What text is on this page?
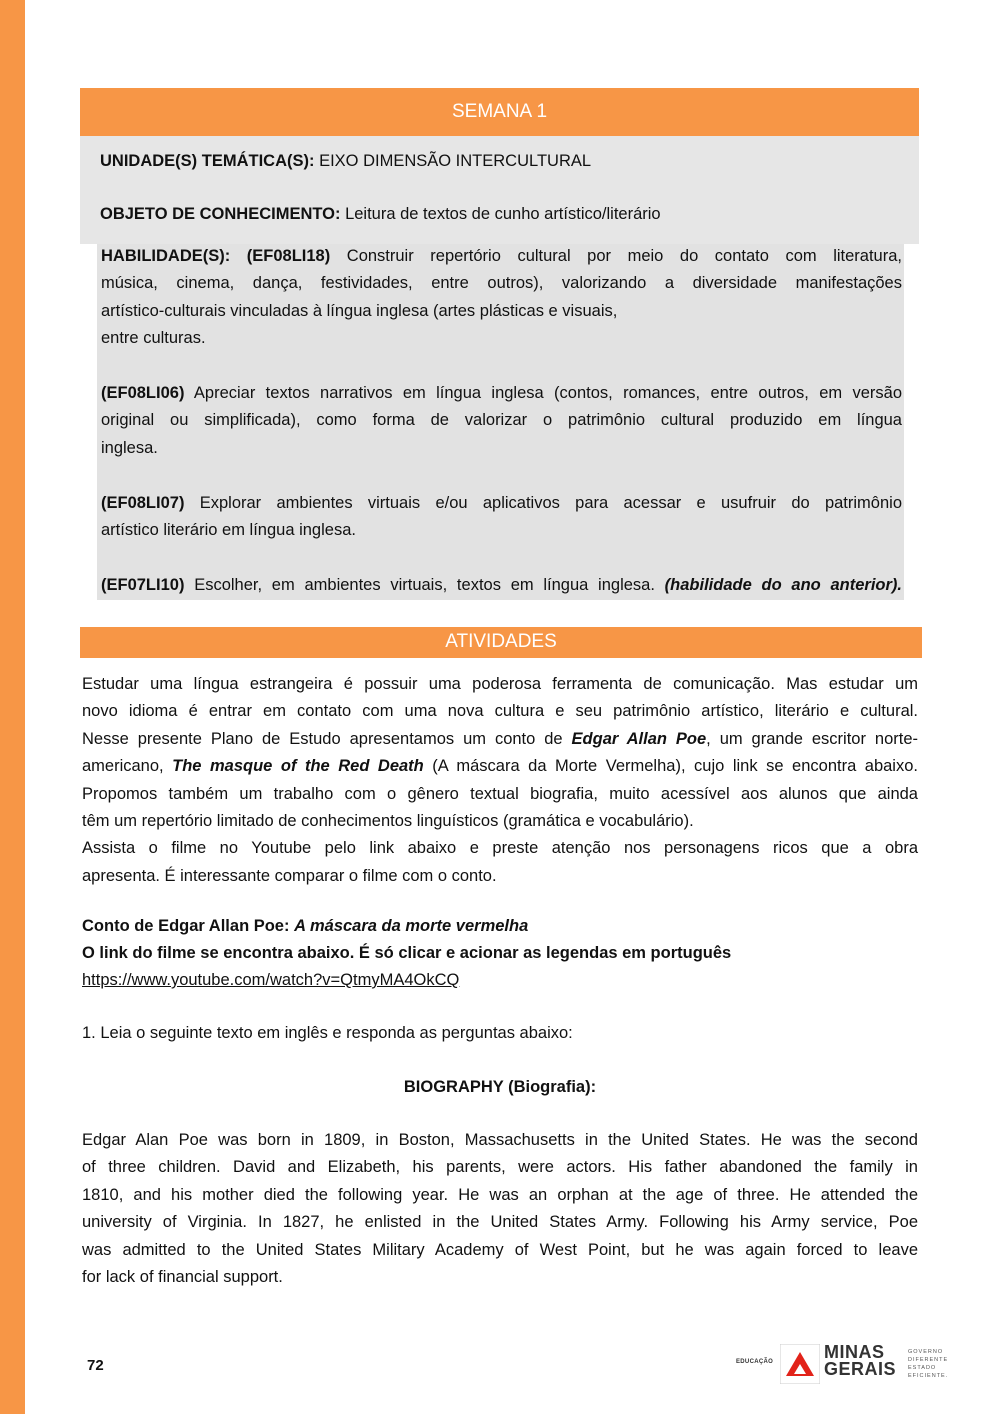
SEMANA 1
UNIDADE(S) TEMÁTICA(S): EIXO DIMENSÃO INTERCULTURAL
OBJETO DE CONHECIMENTO: Leitura de textos de cunho artístico/literário
HABILIDADE(S): (EF08LI18) Construir repertório cultural por meio do contato com literatura,
música, cinema, dança, festividades, entre outros), valorizando a diversidade manifestações
artístico-culturais vinculadas à língua inglesa (artes plásticas e visuais,
entre culturas.
(EF08LI06) Apreciar textos narrativos em língua inglesa (contos, romances, entre outros, em versão
original ou simplificada), como forma de valorizar o patrimônio cultural produzido em língua
inglesa.
(EF08LI07) Explorar ambientes virtuais e/ou aplicativos para acessar e usufruir do patrimônio
artístico literário em língua inglesa.
(EF07LI10) Escolher, em ambientes virtuais, textos em língua inglesa. (habilidade do ano anterior).
ATIVIDADES
Estudar uma língua estrangeira é possuir uma poderosa ferramenta de comunicação. Mas estudar um
novo idioma é entrar em contato com uma nova cultura e seu patrimônio artístico, literário e cultural.
Nesse presente Plano de Estudo apresentamos um conto de Edgar Allan Poe, um grande escritor norte-
americano, The masque of the Red Death (A máscara da Morte Vermelha), cujo link se encontra abaixo.
Propomos também um trabalho com o gênero textual biografia, muito acessível aos alunos que ainda
têm um repertório limitado de conhecimentos linguísticos (gramática e vocabulário).
Assista o filme no Youtube pelo link abaixo e preste atenção nos personagens ricos que a obra
apresenta. É interessante comparar o filme com o conto.
Conto de Edgar Allan Poe: A máscara da morte vermelha
O link do filme se encontra abaixo. É só clicar e acionar as legendas em português
https://www.youtube.com/watch?v=QtmyMA4OkCQ
1. Leia o seguinte texto em inglês e responda as perguntas abaixo:
BIOGRAPHY (Biografia):
Edgar Alan Poe was born in 1809, in Boston, Massachusetts in the United States. He was the second
of three children. David and Elizabeth, his parents, were actors. His father abandoned the family in
1810, and his mother died the following year. He was an orphan at the age of three. He attended the
university of Virginia. In 1827, he enlisted in the United States Army. Following his Army service, Poe
was admitted to the United States Military Academy of West Point, but he was again forced to leave
for lack of financial support.
72	EDUCAÇÃO	MINAS
GERAIS
GOVERNO
DIFERENTE
ESTADO
EFICIENTE.
